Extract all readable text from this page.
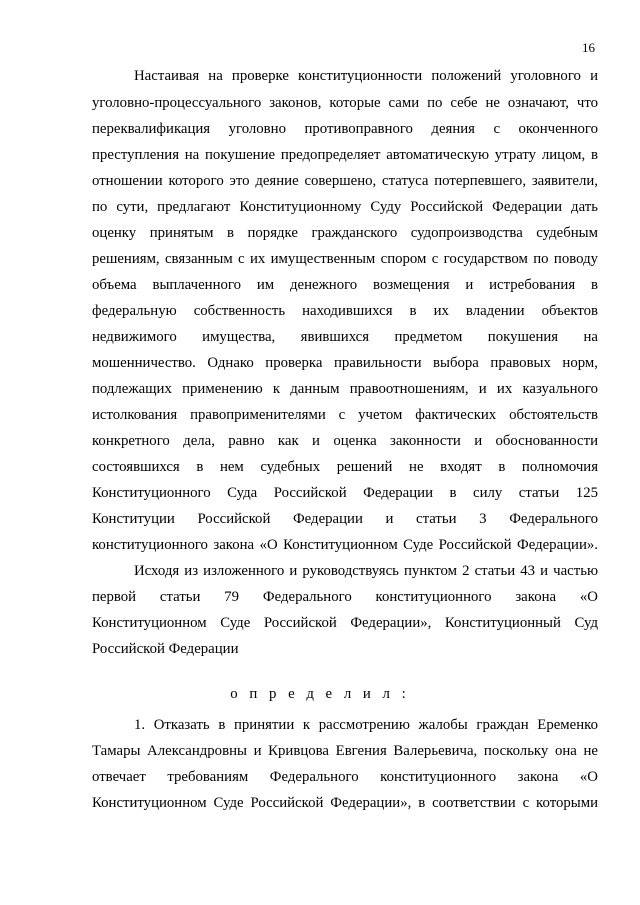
16
Настаивая на проверке конституционности положений уголовного и
уголовно-процессуального законов, которые сами по себе не означают, что
переквалификация уголовно противоправного деяния с оконченного
преступления на покушение предопределяет автоматическую утрату лицом, в
отношении которого это деяние совершено, статуса потерпевшего, заявители,
по сути, предлагают Конституционному Суду Российской Федерации дать
оценку принятым в порядке гражданского судопроизводства судебным
решениям, связанным с их имущественным спором с государством по поводу
объема выплаченного им денежного возмещения и истребования в
федеральную собственность находившихся в их владении объектов
недвижимого имущества, явившихся предметом покушения на
мошенничество. Однако проверка правильности выбора правовых норм,
подлежащих применению к данным правоотношениям, и их казуального
истолкования правоприменителями с учетом фактических обстоятельств
конкретного дела, равно как и оценка законности и обоснованности
состоявшихся в нем судебных решений не входят в полномочия
Конституционного Суда Российской Федерации в силу статьи 125
Конституции Российской Федерации и статьи 3 Федерального
конституционного закона «О Конституционном Суде Российской Федерации».
Исходя из изложенного и руководствуясь пунктом 2 статьи 43 и частью
первой статьи 79 Федерального конституционного закона «О
Конституционном Суде Российской Федерации», Конституционный Суд
Российской Федерации
о п р е д е л и л :
1. Отказать в принятии к рассмотрению жалобы граждан Еременко
Тамары Александровны и Кривцова Евгения Валерьевича, поскольку она не
отвечает требованиям Федерального конституционного закона «О
Конституционном Суде Российской Федерации», в соответствии с которыми
